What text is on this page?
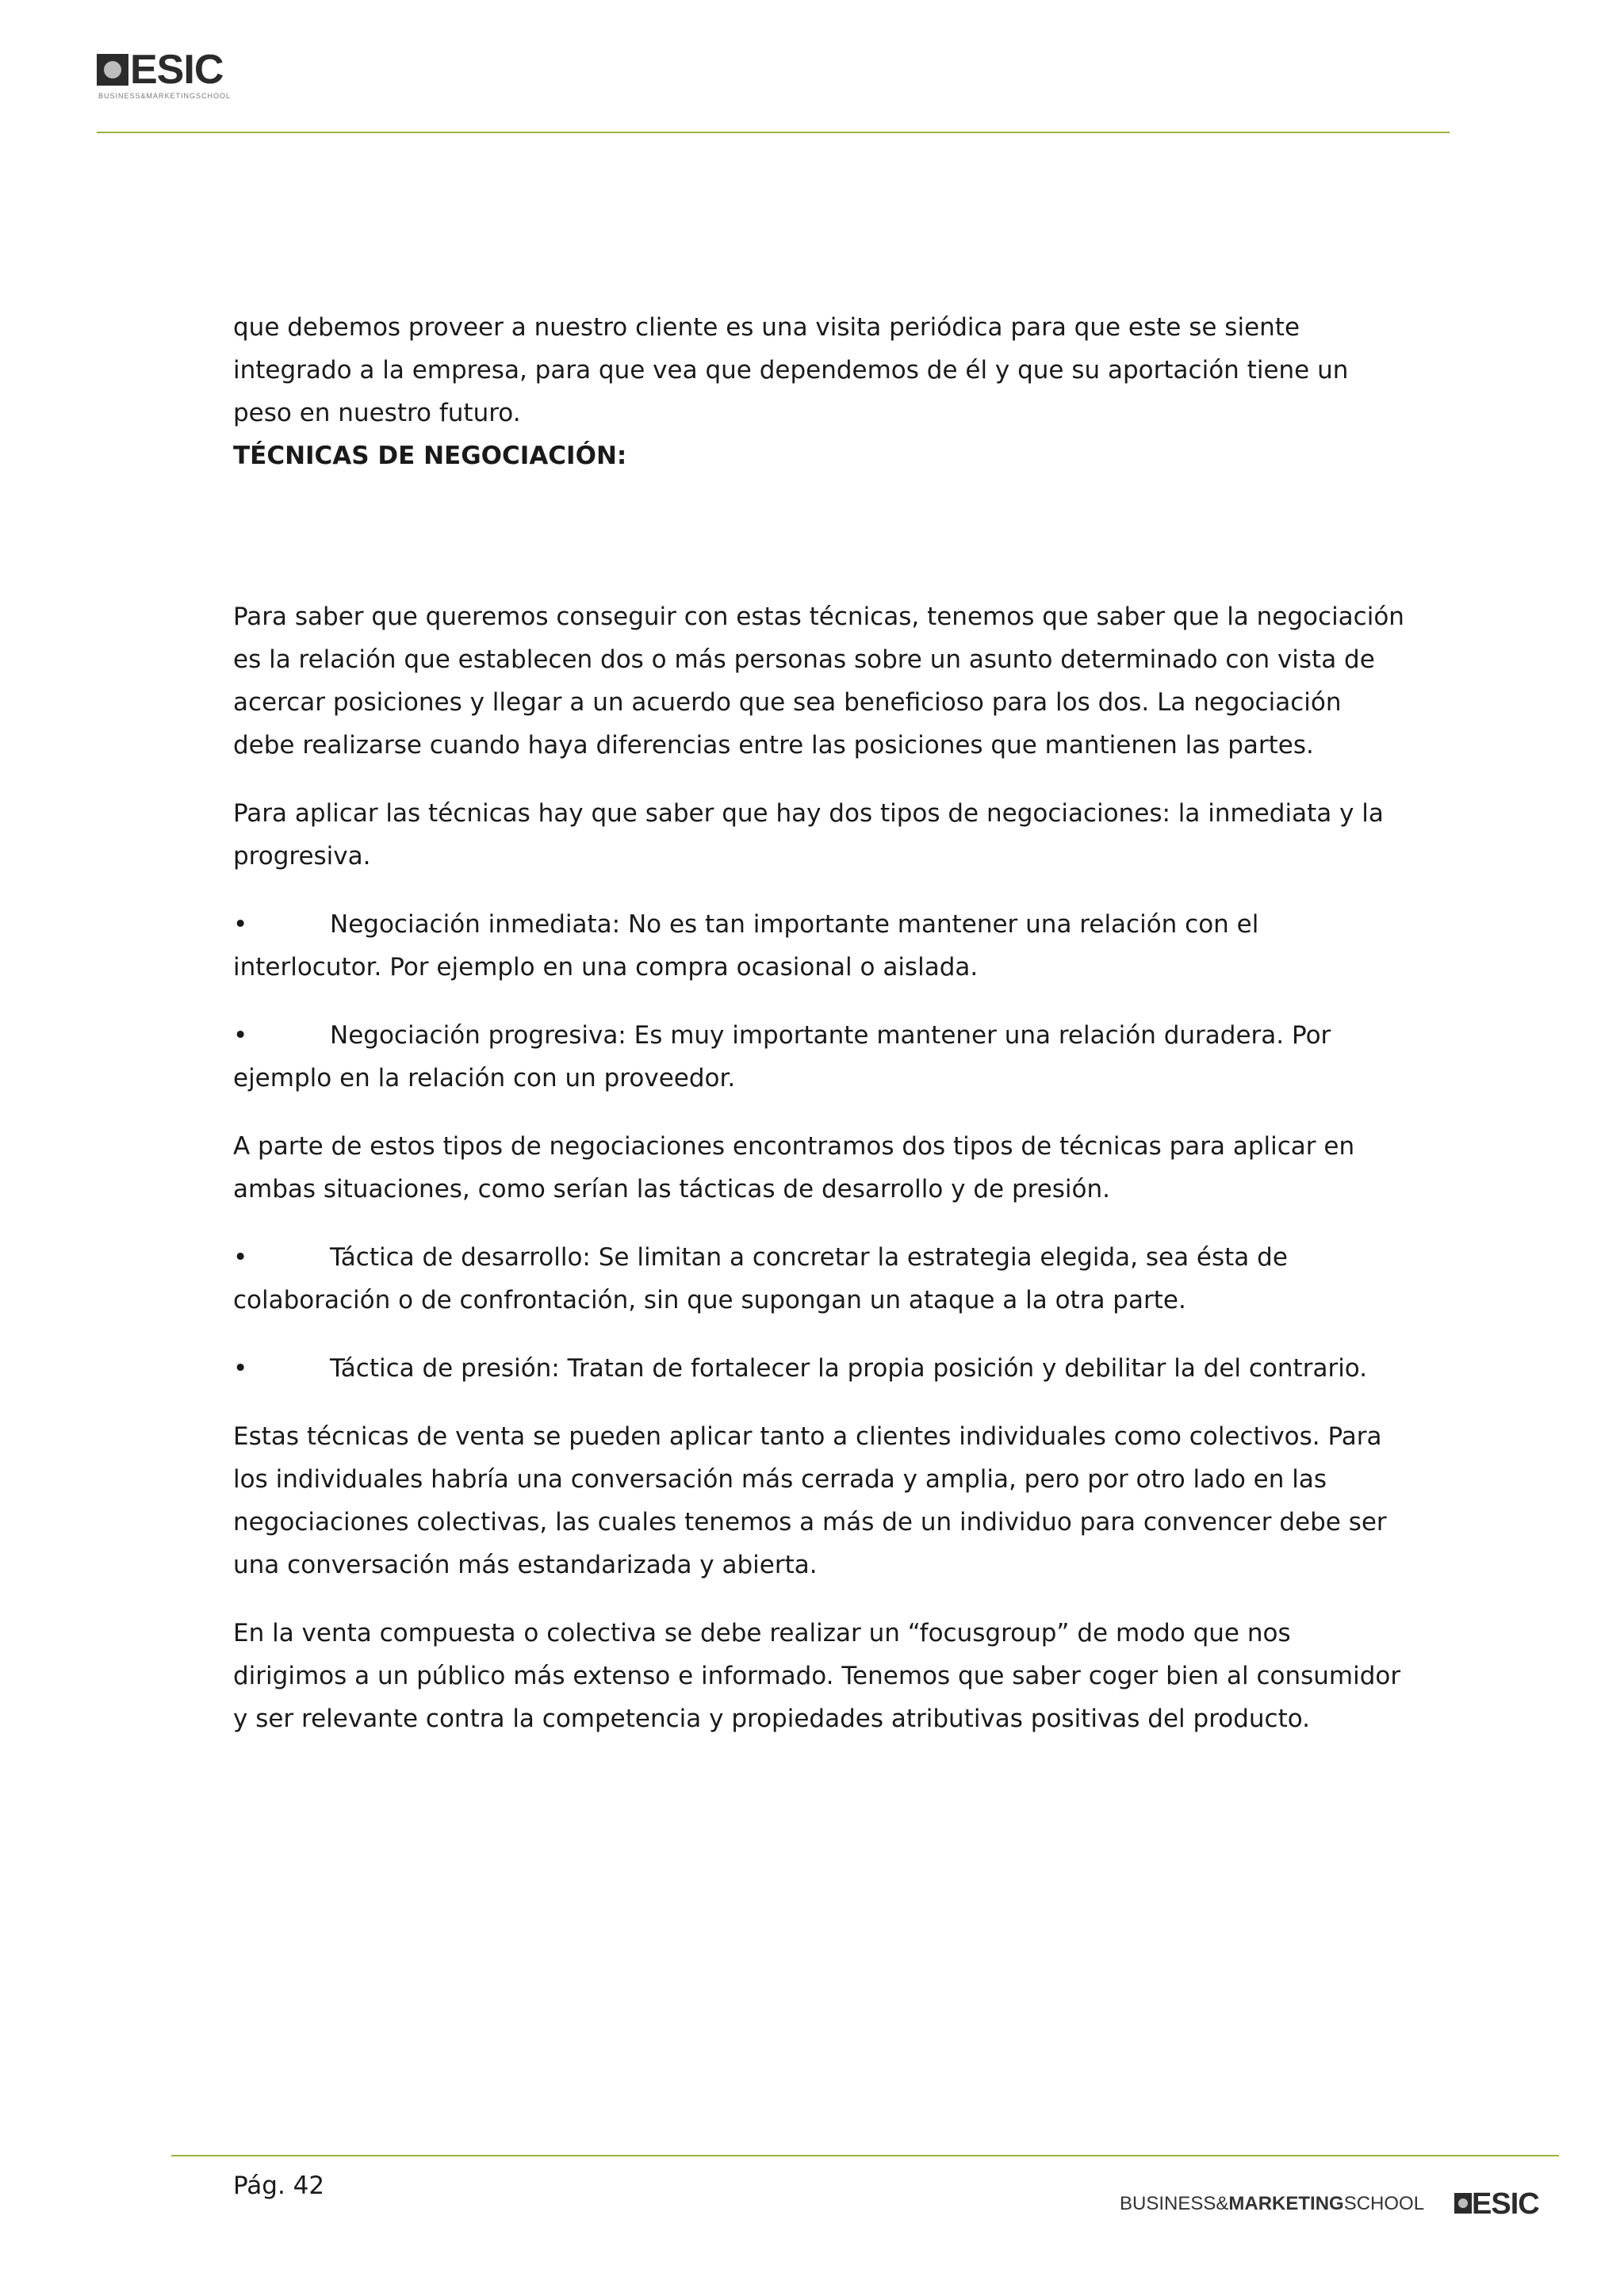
ESIC
BUSINESS&MARKETINGSCHOOL

que debemos proveer a nuestro cliente es una visita periódica para que este se siente integrado a la empresa, para que vea que dependemos de él y que su aportación tiene un peso en nuestro futuro.

TÉCNICAS DE NEGOCIACIÓN:

Para saber que queremos conseguir con estas técnicas, tenemos que saber que la negociación es la relación que establecen dos o más personas sobre un asunto determinado con vista de acercar posiciones y llegar a un acuerdo que sea beneficioso para los dos. La negociación debe realizarse cuando haya diferencias entre las posiciones que mantienen las partes.

Para aplicar las técnicas hay que saber que hay dos tipos de negociaciones: la inmediata y la progresiva.

•	Negociación inmediata: No es tan importante mantener una relación con el
interlocutor. Por ejemplo en una compra ocasional o aislada.

•	Negociación progresiva: Es muy importante mantener una relación duradera. Por
ejemplo en la relación con un proveedor.

A parte de estos tipos de negociaciones encontramos dos tipos de técnicas para aplicar en ambas situaciones, como serían las tácticas de desarrollo y de presión.

•	Táctica de desarrollo: Se limitan a concretar la estrategia elegida, sea ésta de
colaboración o de confrontación, sin que supongan un ataque a la otra parte.

•	Táctica de presión: Tratan de fortalecer la propia posición y debilitar la del contrario.

Estas técnicas de venta se pueden aplicar tanto a clientes individuales como colectivos. Para los individuales habría una conversación más cerrada y amplia, pero por otro lado en las negociaciones colectivas, las cuales tenemos a más de un individuo para convencer debe ser una conversación más estandarizada y abierta.

En la venta compuesta o colectiva se debe realizar un “focusgroup” de modo que nos dirigimos a un público más extenso e informado. Tenemos que saber coger bien al consumidor y ser relevante contra la competencia y propiedades atributivas positivas del producto.

Pág. 42
BUSINESS&MARKETINGSCHOOL ESIC
